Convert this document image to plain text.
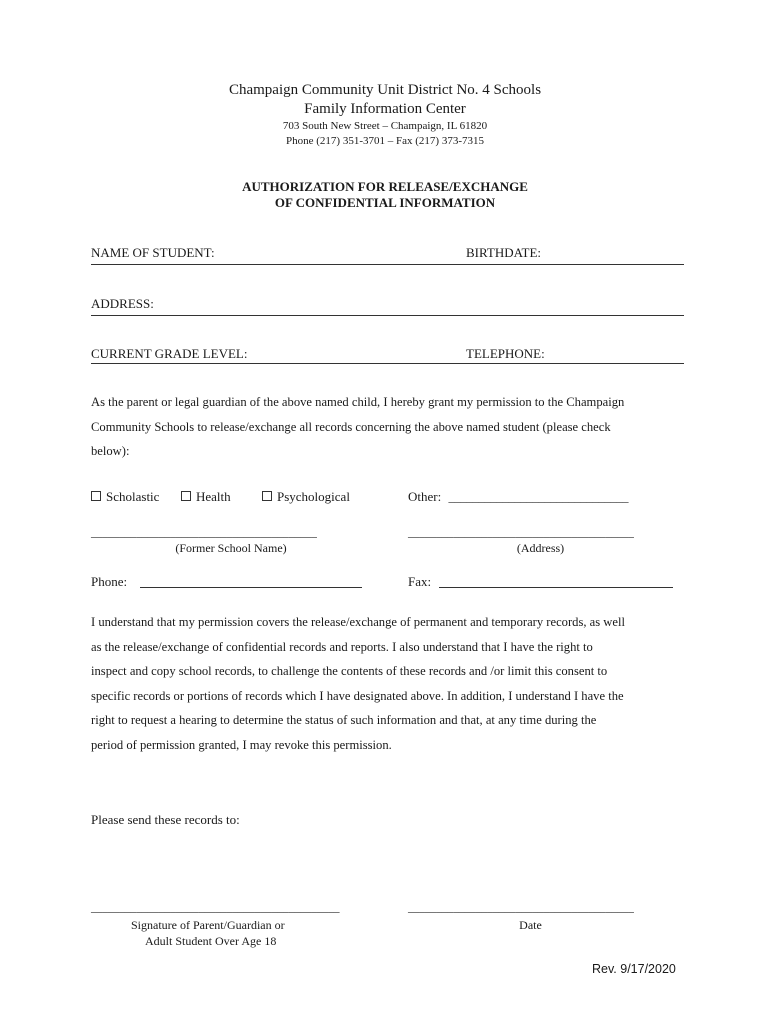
Champaign Community Unit District No. 4 Schools
Family Information Center
703 South New Street – Champaign, IL 61820
Phone (217) 351-3701 – Fax (217) 373-7315
AUTHORIZATION FOR RELEASE/EXCHANGE
OF CONFIDENTIAL INFORMATION
NAME OF STUDENT:	BIRTHDATE:
ADDRESS:
CURRENT GRADE LEVEL:	TELEPHONE:
As the parent or legal guardian of the above named child, I hereby grant my permission to the Champaign
Community Schools to release/exchange all records concerning the above named student (please check
below):
Scholastic	Health	Psychological	Other: ______________________________
________________________________________
(Former School Name)
________________________________________
(Address)
Phone:	Fax:
I understand that my permission covers the release/exchange of permanent and temporary records, as well
as the release/exchange of confidential records and reports. I also understand that I have the right to
inspect and copy school records, to challenge the contents of these records and /or limit this consent to
specific records or portions of records which I have designated above. In addition, I understand I have the
right to request a hearing to determine the status of such information and that, at any time during the
period of permission granted, I may revoke this permission.
Please send these records to:
____________________________________________
Signature of Parent/Guardian or
Adult Student Over Age 18
________________________________________
Date
Rev. 9/17/2020
